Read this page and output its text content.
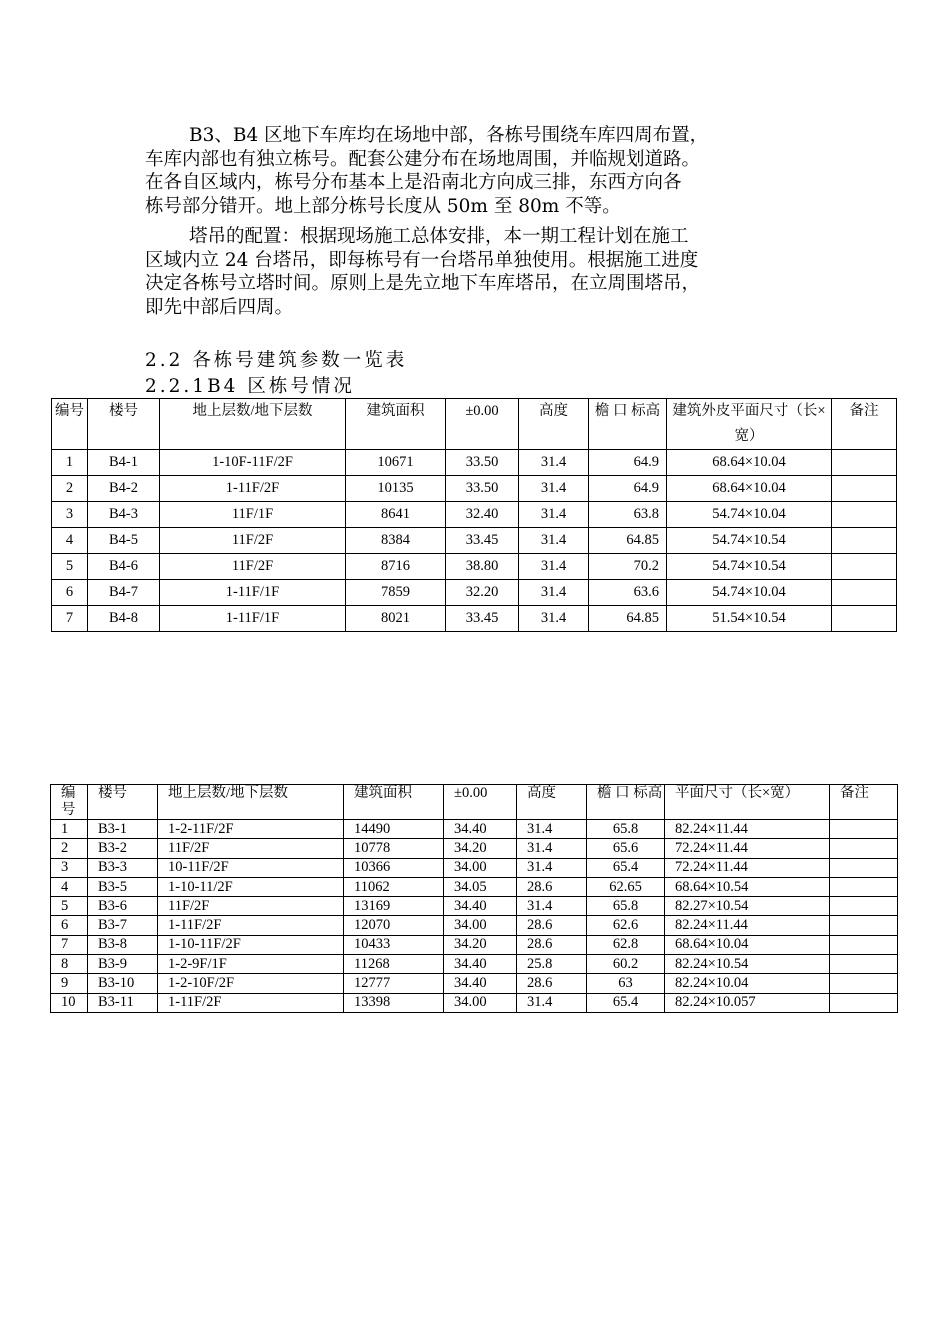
B3、B4 区地下车库均在场地中部，各栋号围绕车库四周布置，
车库内部也有独立栋号。配套公建分布在场地周围，并临规划道路。
在各自区域内，栋号分布基本上是沿南北方向成三排，东西方向各
栋号部分错开。地上部分栋号长度从 50m 至 80m 不等。
塔吊的配置：根据现场施工总体安排，本一期工程计划在施工
区域内立 24 台塔吊，即每栋号有一台塔吊单独使用。根据施工进度
决定各栋号立塔时间。原则上是先立地下车库塔吊，在立周围塔吊，
即先中部后四周。
2.2 各栋号建筑参数一览表
2.2.1B4 区栋号情况
编号	楼号	地上层数/地下层数	建筑面积	±0.00	高度	檐 口 标高	建筑外皮平面尺寸（长×宽）	备注
1	B4-1	1-10F-11F/2F	10671	33.50	31.4	64.9	68.64×10.04	
2	B4-2	1-11F/2F	10135	33.50	31.4	64.9	68.64×10.04	
3	B4-3	11F/1F	8641	32.40	31.4	63.8	54.74×10.04	
4	B4-5	11F/2F	8384	33.45	31.4	64.85	54.74×10.54	
5	B4-6	11F/2F	8716	38.80	31.4	70.2	54.74×10.54	
6	B4-7	1-11F/1F	7859	32.20	31.4	63.6	54.74×10.04	
7	B4-8	1-11F/1F	8021	33.45	31.4	64.85	51.54×10.54	
编号	楼号	地上层数/地下层数	建筑面积	±0.00	高度	檐 口 标高	平面尺寸（长×宽）	备注
1	B3-1	1-2-11F/2F	14490	34.40	31.4	65.8	82.24×11.44	
2	B3-2	11F/2F	10778	34.20	31.4	65.6	72.24×11.44	
3	B3-3	10-11F/2F	10366	34.00	31.4	65.4	72.24×11.44	
4	B3-5	1-10-11/2F	11062	34.05	28.6	62.65	68.64×10.54	
5	B3-6	11F/2F	13169	34.40	31.4	65.8	82.27×10.54	
6	B3-7	1-11F/2F	12070	34.00	28.6	62.6	82.24×11.44	
7	B3-8	1-10-11F/2F	10433	34.20	28.6	62.8	68.64×10.04	
8	B3-9	1-2-9F/1F	11268	34.40	25.8	60.2	82.24×10.54	
9	B3-10	1-2-10F/2F	12777	34.40	28.6	63	82.24×10.04	
10	B3-11	1-11F/2F	13398	34.00	31.4	65.4	82.24×10.057	
